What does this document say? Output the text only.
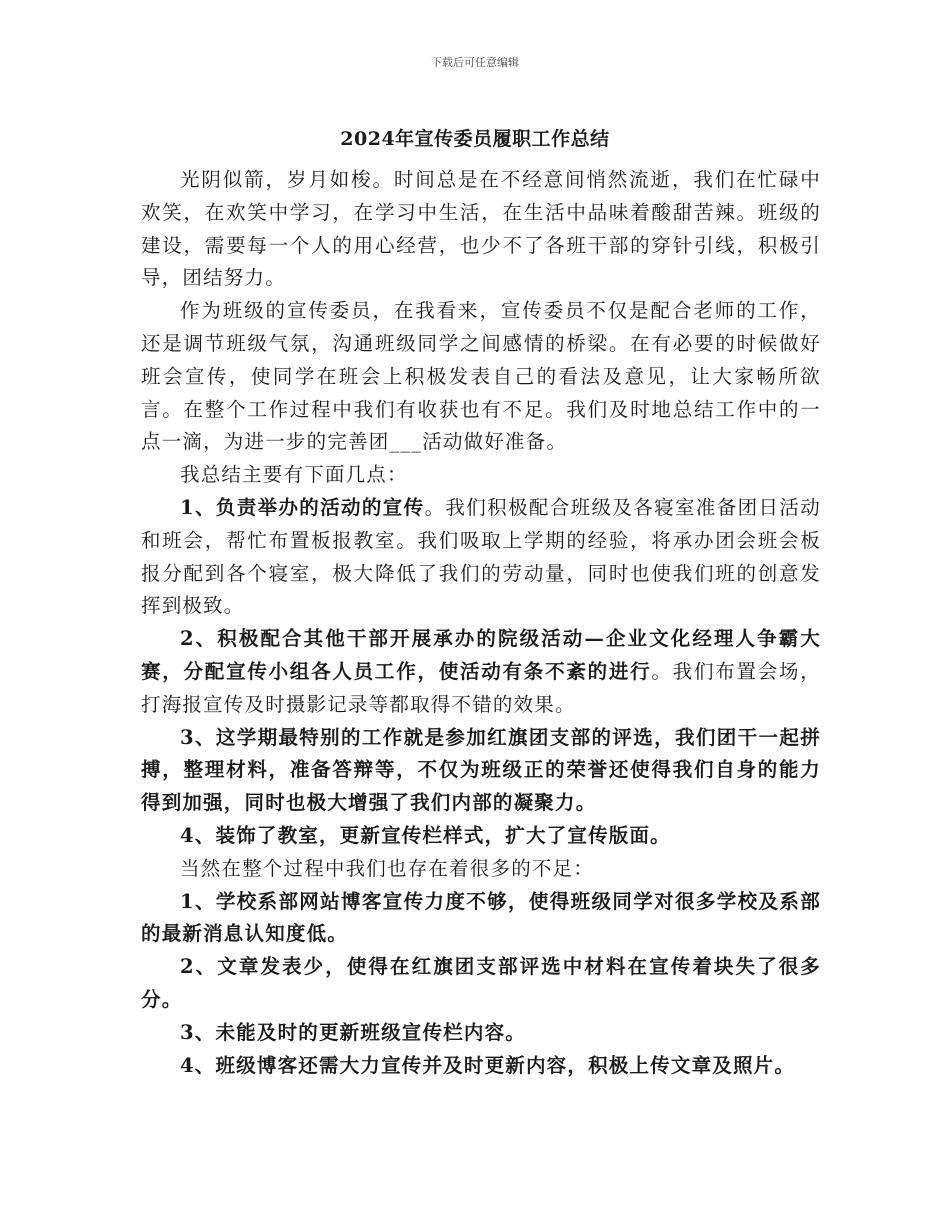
下载后可任意编辑
2024年宣传委员履职工作总结

光阴似箭，岁月如梭。时间总是在不经意间悄然流逝，我们在忙碌中欢笑，在欢笑中学习，在学习中生活，在生活中品味着酸甜苦辣。班级的建设，需要每一个人的用心经营，也少不了各班干部的穿针引线，积极引导，团结努力。

作为班级的宣传委员，在我看来，宣传委员不仅是配合老师的工作，还是调节班级气氛，沟通班级同学之间感情的桥梁。在有必要的时候做好班会宣传，使同学在班会上积极发表自己的看法及意见，让大家畅所欲言。在整个工作过程中我们有收获也有不足。我们及时地总结工作中的一点一滴，为进一步的完善团___活动做好准备。

我总结主要有下面几点：

1、负责举办的活动的宣传。我们积极配合班级及各寝室准备团日活动和班会，帮忙布置板报教室。我们吸取上学期的经验，将承办团会班会板报分配到各个寝室，极大降低了我们的劳动量，同时也使我们班的创意发挥到极致。

2、积极配合其他干部开展承办的院级活动—企业文化经理人争霸大赛，分配宣传小组各人员工作，使活动有条不紊的进行。我们布置会场，打海报宣传及时摄影记录等都取得不错的效果。

3、这学期最特别的工作就是参加红旗团支部的评选，我们团干一起拼搏，整理材料，准备答辩等，不仅为班级正的荣誉还使得我们自身的能力得到加强，同时也极大增强了我们内部的凝聚力。

4、装饰了教室，更新宣传栏样式，扩大了宣传版面。

当然在整个过程中我们也存在着很多的不足：

1、学校系部网站博客宣传力度不够，使得班级同学对很多学校及系部的最新消息认知度低。

2、文章发表少，使得在红旗团支部评选中材料在宣传着块失了很多分。

3、未能及时的更新班级宣传栏内容。

4、班级博客还需大力宣传并及时更新内容，积极上传文章及照片。
